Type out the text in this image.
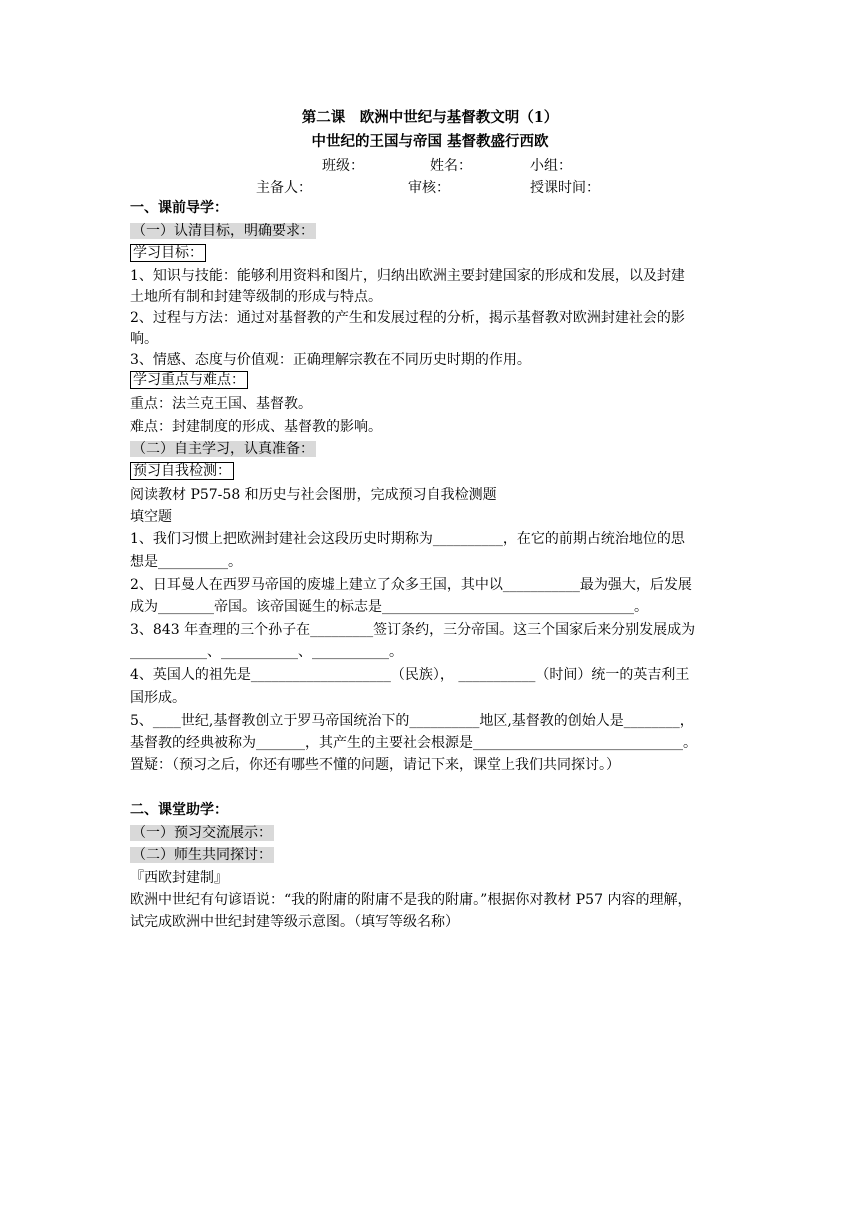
第二课　欧洲中世纪与基督教文明（1）
中世纪的王国与帝国 基督教盛行西欧
班级：	姓名：	小组：
主备人：	审核：	授课时间：
一、课前导学：
（一）认清目标，明确要求：
学习目标：
1、知识与技能：能够利用资料和图片，归纳出欧洲主要封建国家的形成和发展，以及封建
土地所有制和封建等级制的形成与特点。
2、过程与方法：通过对基督教的产生和发展过程的分析，揭示基督教对欧洲封建社会的影
响。
3、情感、态度与价值观：正确理解宗教在不同历史时期的作用。
学习重点与难点：
重点：法兰克王国、基督教。
难点：封建制度的形成、基督教的影响。
（二）自主学习，认真准备：
预习自我检测：
阅读教材 P57-58 和历史与社会图册，完成预习自我检测题
填空题
1、我们习惯上把欧洲封建社会这段历史时期称为__________，在它的前期占统治地位的思
想是__________。
2、日耳曼人在西罗马帝国的废墟上建立了众多王国，其中以___________最为强大，后发展
成为________帝国。该帝国诞生的标志是____________________________________。
3、843 年查理的三个孙子在_________签订条约，三分帝国。这三个国家后来分别发展成为
___________、___________、___________。
4、英国人的祖先是____________________（民族）， ___________（时间）统一的英吉利王
国形成。
5、____世纪,基督教创立于罗马帝国统治下的__________地区,基督教的创始人是________，
基督教的经典被称为_______，其产生的主要社会根源是______________________________。
置疑：（预习之后，你还有哪些不懂的问题，请记下来，课堂上我们共同探讨。）
二、课堂助学：
（一）预习交流展示：
（二）师生共同探讨：
『西欧封建制』
欧洲中世纪有句谚语说：“我的附庸的附庸不是我的附庸。”根据你对教材 P57 内容的理解，
试完成欧洲中世纪封建等级示意图。（填写等级名称）
